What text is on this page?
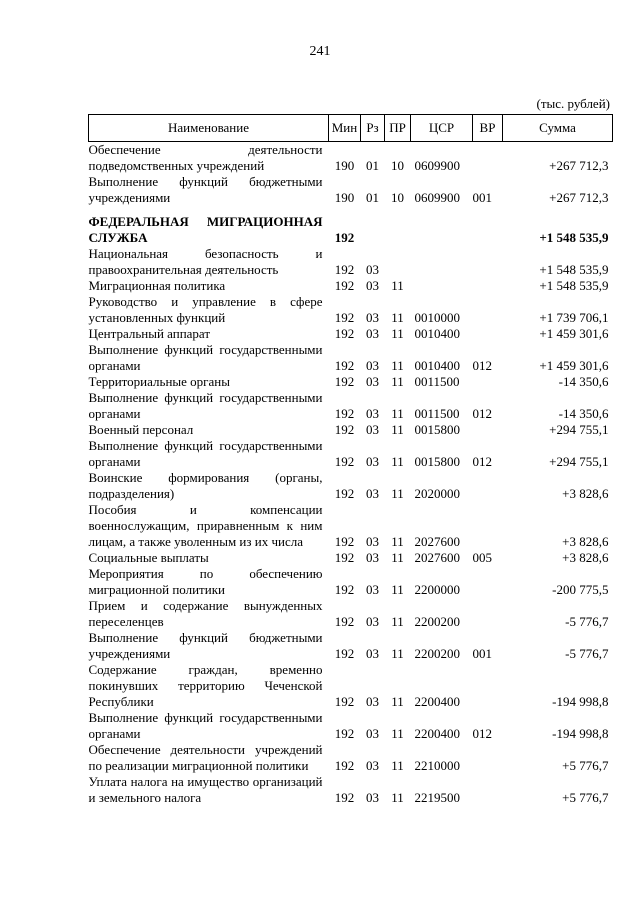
241
(тыс. рублей)
Наименование	Мин	Рз	ПР	ЦСР	ВР	Сумма
Обеспечение деятельности подведомственных учреждений	190	01	10	0609900		+267 712,3
Выполнение функций бюджетными учреждениями	190	01	10	0609900	001	+267 712,3
ФЕДЕРАЛЬНАЯ МИГРАЦИОННАЯ СЛУЖБА	192					+1 548 535,9
Национальная безопасность и правоохранительная деятельность	192	03				+1 548 535,9
Миграционная политика	192	03	11			+1 548 535,9
Руководство и управление в сфере установленных функций	192	03	11	0010000		+1 739 706,1
Центральный аппарат	192	03	11	0010400		+1 459 301,6
Выполнение функций государственными органами	192	03	11	0010400	012	+1 459 301,6
Территориальные органы	192	03	11	0011500		-14 350,6
Выполнение функций государственными органами	192	03	11	0011500	012	-14 350,6
Военный персонал	192	03	11	0015800		+294 755,1
Выполнение функций государственными органами	192	03	11	0015800	012	+294 755,1
Воинские формирования (органы, подразделения)	192	03	11	2020000		+3 828,6
Пособия и компенсации военнослужащим, приравненным к ним лицам, а также уволенным из их числа	192	03	11	2027600		+3 828,6
Социальные выплаты	192	03	11	2027600	005	+3 828,6
Мероприятия по обеспечению миграционной политики	192	03	11	2200000		-200 775,5
Прием и содержание вынужденных переселенцев	192	03	11	2200200		-5 776,7
Выполнение функций бюджетными учреждениями	192	03	11	2200200	001	-5 776,7
Содержание граждан, временно покинувших территорию Чеченской Республики	192	03	11	2200400		-194 998,8
Выполнение функций государственными органами	192	03	11	2200400	012	-194 998,8
Обеспечение деятельности учреждений по реализации миграционной политики	192	03	11	2210000		+5 776,7
Уплата налога на имущество организаций и земельного налога	192	03	11	2219500		+5 776,7
